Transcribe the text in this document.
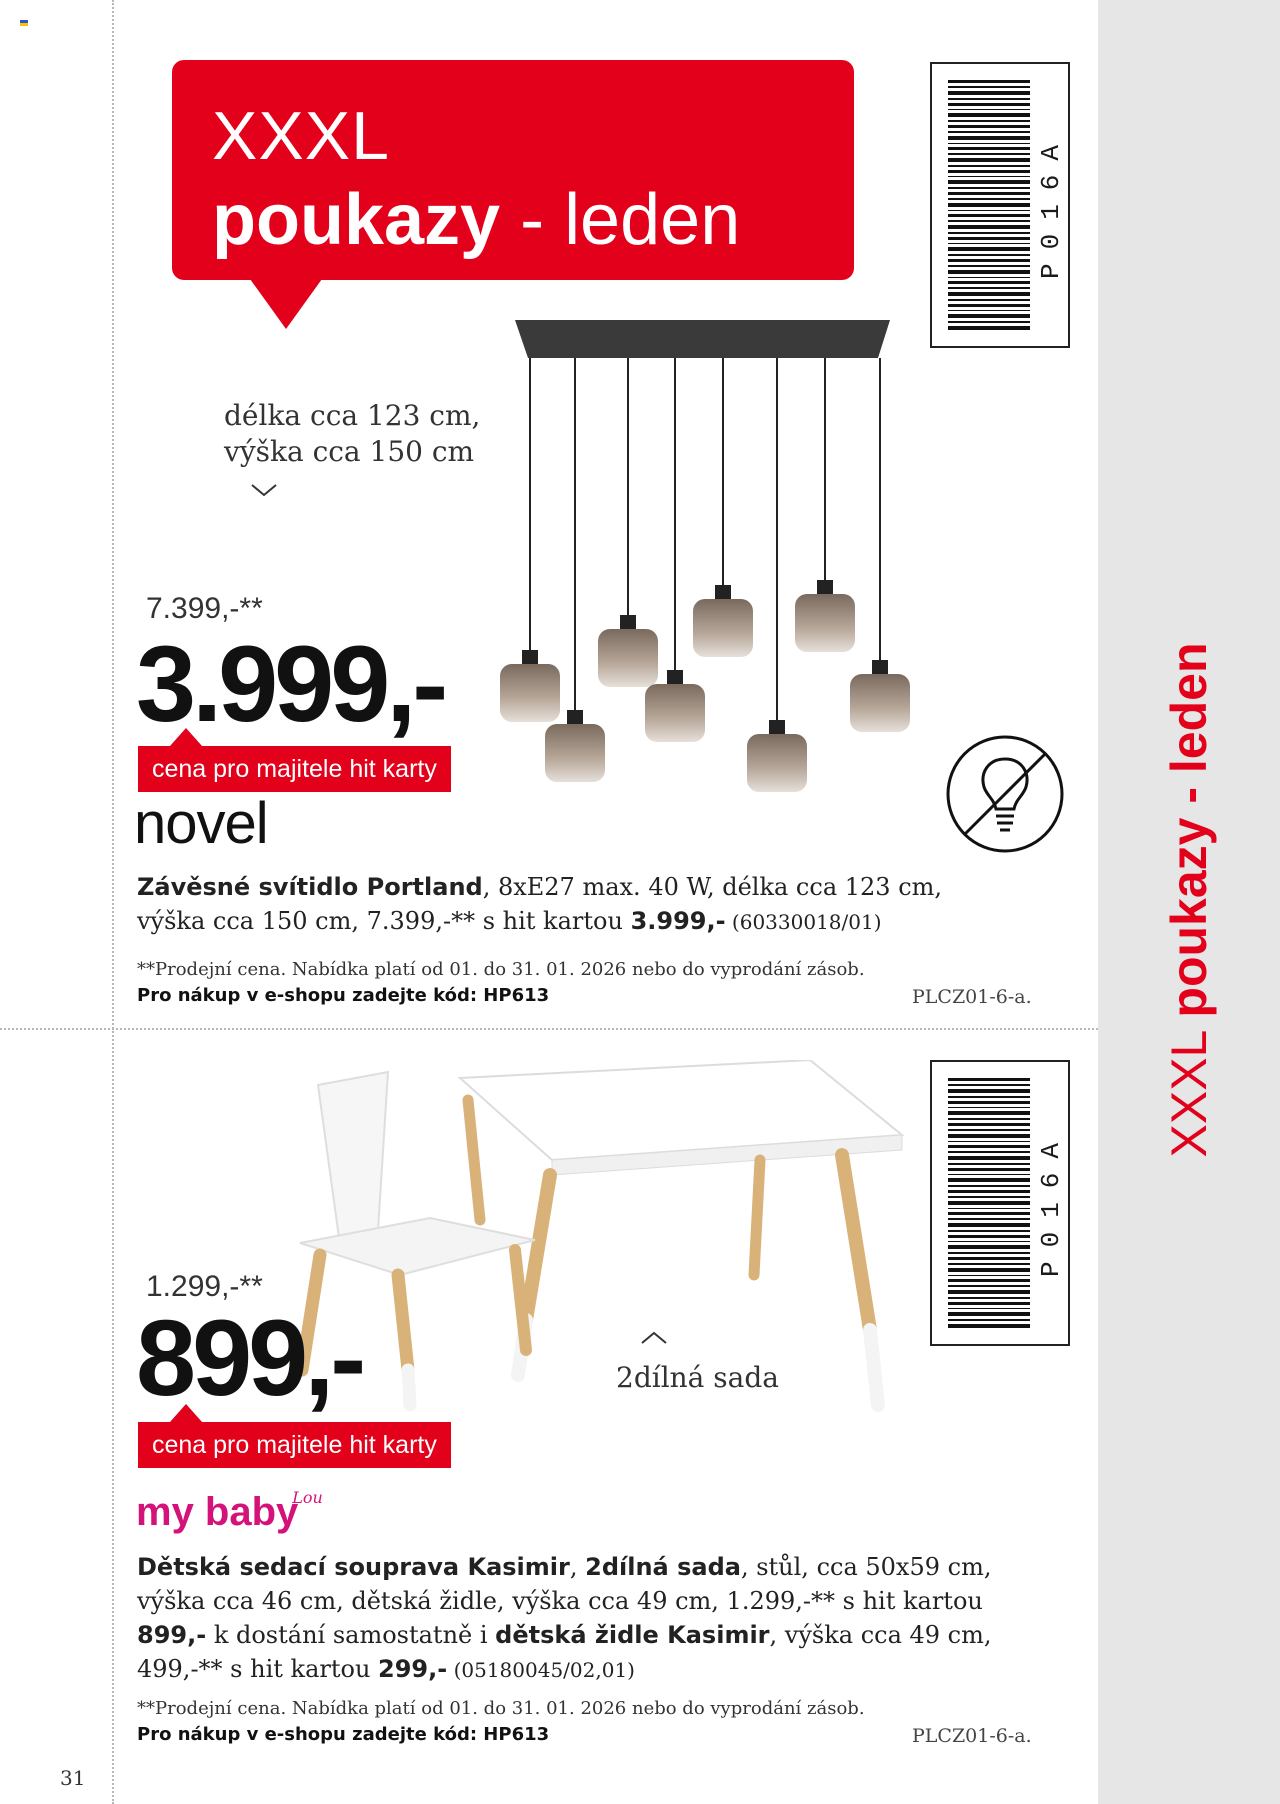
XXXL poukazy - leden
XXXL
poukazy - leden	P016A
délka cca 123 cm,
výška cca 150 cm
7.399,-**
3.999,-
cena pro majitele hit karty
novel
Závěsné svítidlo Portland, 8xE27 max. 40 W, délka cca 123 cm, výška cca 150 cm, 7.399,-** s hit kartou 3.999,- (60330018/01)
**Prodejní cena. Nabídka platí od 01. do 31. 01. 2026 nebo do vyprodání zásob.
Pro nákup v e-shopu zadejte kód: HP613	PLCZ01-6-a.
P016A
2dílná sada
1.299,-**
899,-
cena pro majitele hit karty
my baby$^{Lou}$
Dětská sedací souprava Kasimir, 2dílná sada, stůl, cca 50x59 cm, výška cca 46 cm, dětská židle, výška cca 49 cm, 1.299,-** s hit kartou 899,- k dostání samostatně i dětská židle Kasimir, výška cca 49 cm, 499,-** s hit kartou 299,- (05180045/02,01)
**Prodejní cena. Nabídka platí od 01. do 31. 01. 2026 nebo do vyprodání zásob.
Pro nákup v e-shopu zadejte kód: HP613	PLCZ01-6-a.
31
